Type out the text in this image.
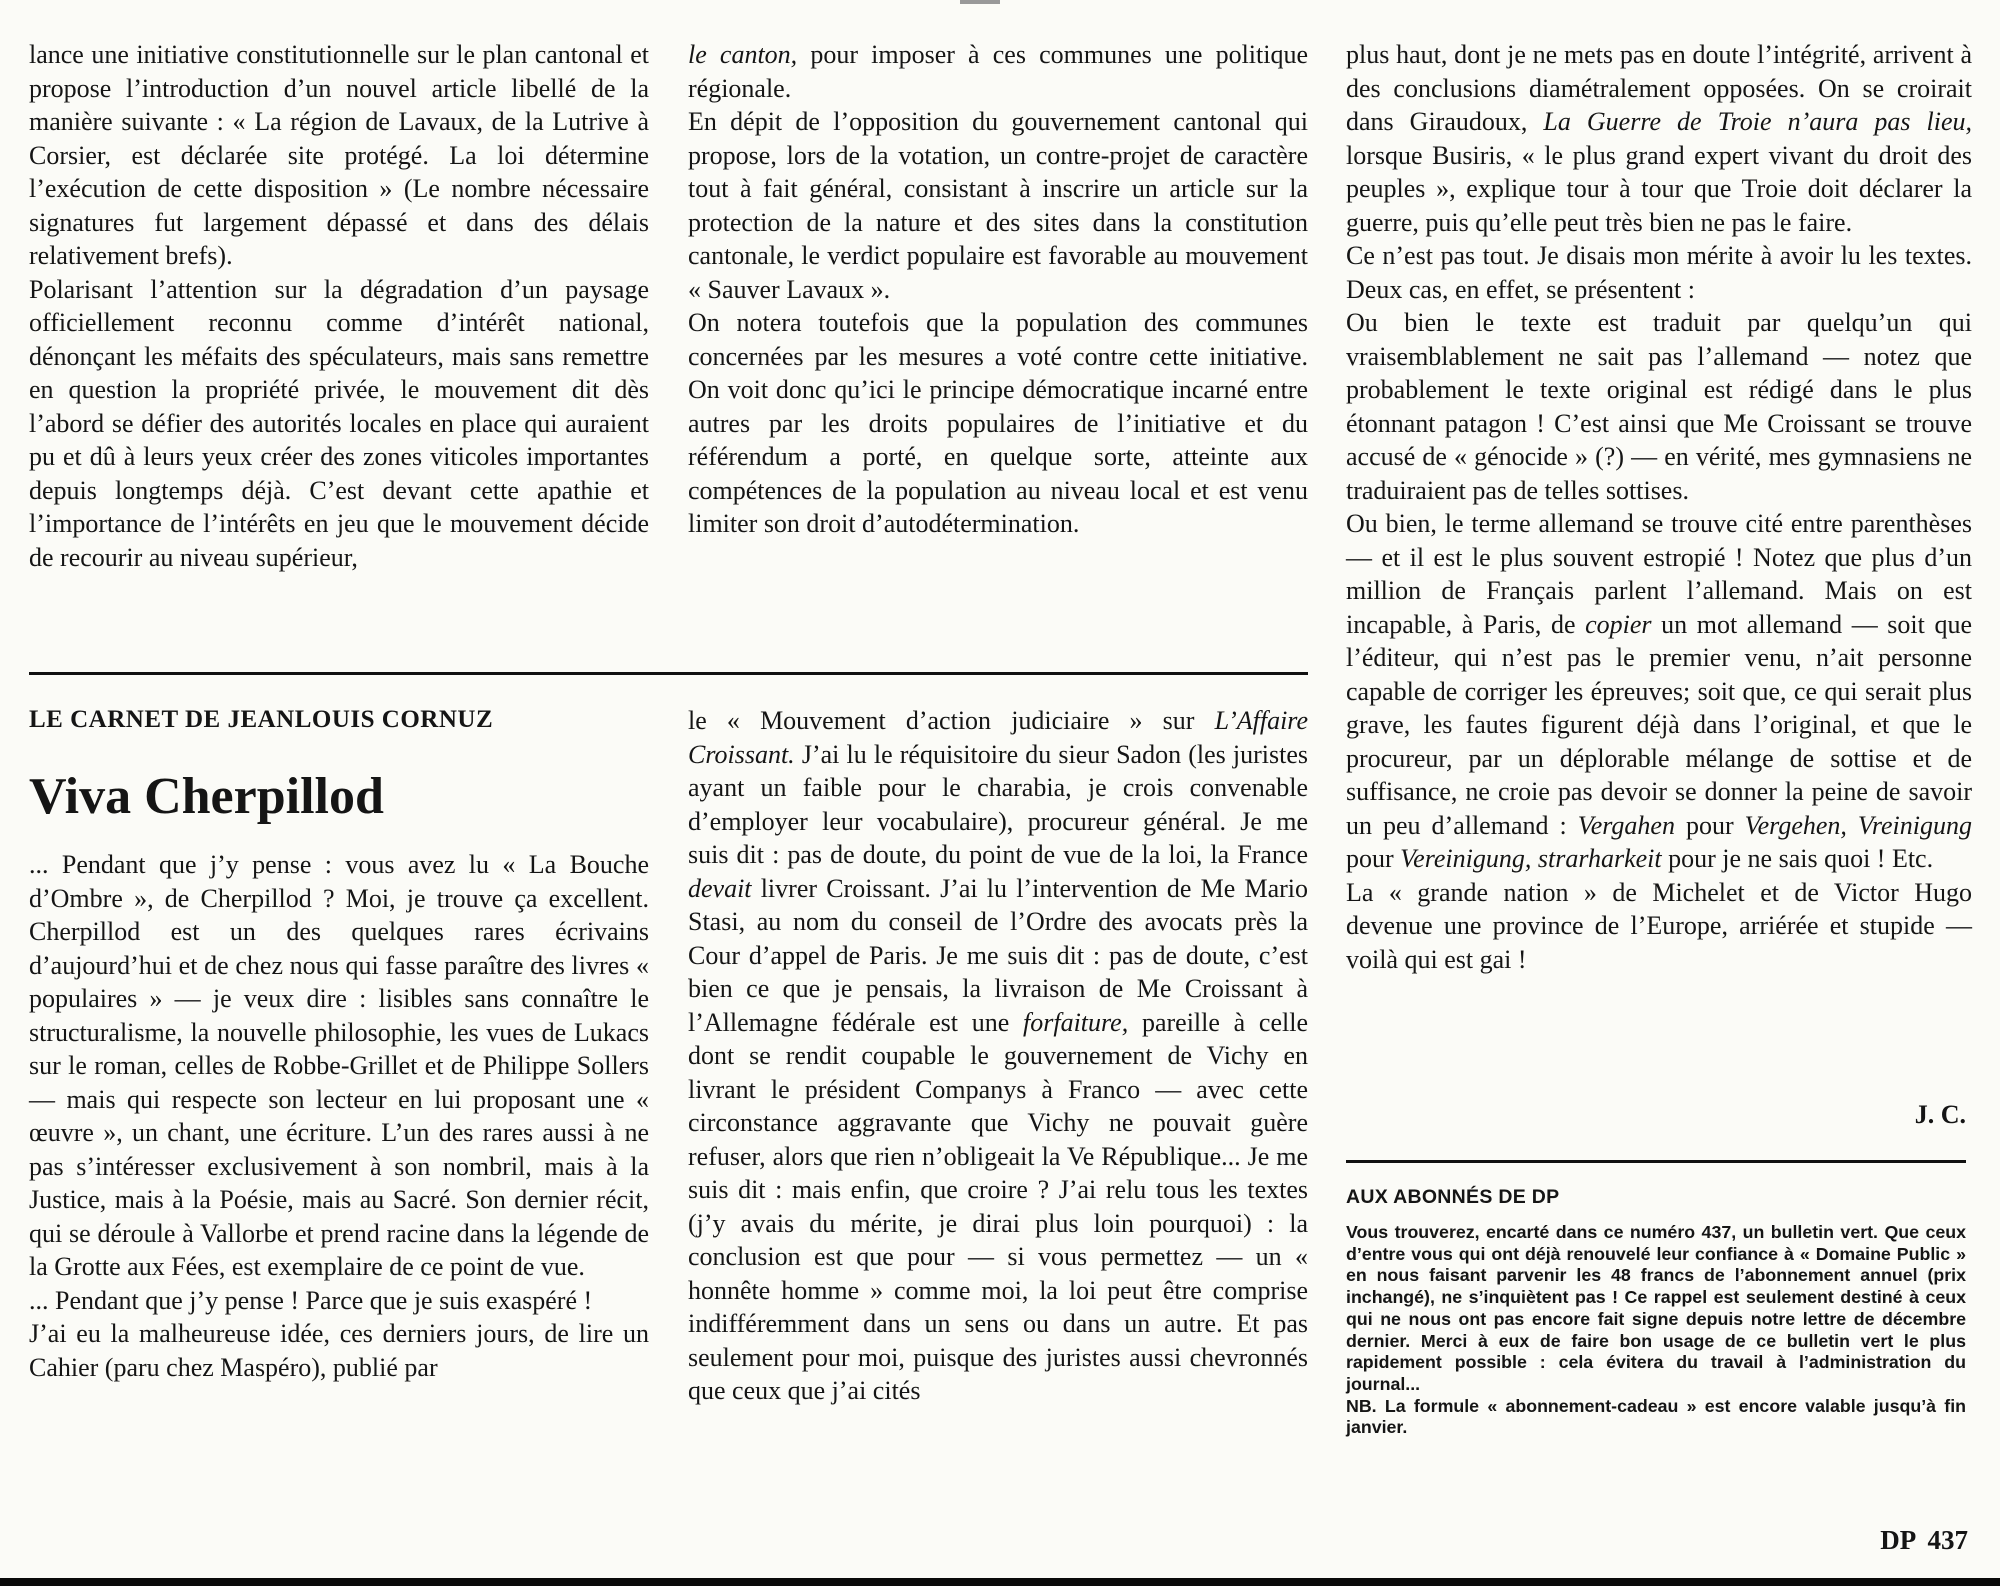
lance une initiative constitutionnelle sur le plan cantonal et propose l’introduction d’un nouvel article libellé de la manière suivante : « La région de Lavaux, de la Lutrive à Corsier, est déclarée site protégé. La loi détermine l’exécution de cette disposition » (Le nombre nécessaire signatures fut largement dépassé et dans des délais relativement brefs).

Polarisant l’attention sur la dégradation d’un paysage officiellement reconnu comme d’intérêt national, dénonçant les méfaits des spéculateurs, mais sans remettre en question la propriété privée, le mouvement dit dès l’abord se défier des autorités locales en place qui auraient pu et dû à leurs yeux créer des zones viticoles importantes depuis longtemps déjà. C’est devant cette apathie et l’importance de l’intérêts en jeu que le mouvement décide de recourir au niveau supérieur,

le canton, pour imposer à ces communes une politique régionale.

En dépit de l’opposition du gouvernement cantonal qui propose, lors de la votation, un contre-projet de caractère tout à fait général, consistant à inscrire un article sur la protection de la nature et des sites dans la constitution cantonale, le verdict populaire est favorable au mouvement « Sauver Lavaux ».

On notera toutefois que la population des communes concernées par les mesures a voté contre cette initiative. On voit donc qu’ici le principe démocratique incarné entre autres par les droits populaires de l’initiative et du référendum a porté, en quelque sorte, atteinte aux compétences de la population au niveau local et est venu limiter son droit d’autodétermination.

LE CARNET DE JEANLOUIS CORNUZ
Viva Cherpillod

... Pendant que j’y pense : vous avez lu « La Bouche d’Ombre », de Cherpillod ? Moi, je trouve ça excellent. Cherpillod est un des quelques rares écrivains d’aujourd’hui et de chez nous qui fasse paraître des livres « populaires » — je veux dire : lisibles sans connaître le structuralisme, la nouvelle philosophie, les vues de Lukacs sur le roman, celles de Robbe-Grillet et de Philippe Sollers — mais qui respecte son lecteur en lui proposant une « œuvre », un chant, une écriture. L’un des rares aussi à ne pas s’intéresser exclusivement à son nombril, mais à la Justice, mais à la Poésie, mais au Sacré. Son dernier récit, qui se déroule à Vallorbe et prend racine dans la légende de la Grotte aux Fées, est exemplaire de ce point de vue.

... Pendant que j’y pense ! Parce que je suis exaspéré !

J’ai eu la malheureuse idée, ces derniers jours, de lire un Cahier (paru chez Maspéro), publié par

le « Mouvement d’action judiciaire » sur L’Affaire Croissant. J’ai lu le réquisitoire du sieur Sadon (les juristes ayant un faible pour le charabia, je crois convenable d’employer leur vocabulaire), procureur général. Je me suis dit : pas de doute, du point de vue de la loi, la France devait livrer Croissant. J’ai lu l’intervention de Me Mario Stasi, au nom du conseil de l’Ordre des avocats près la Cour d’appel de Paris. Je me suis dit : pas de doute, c’est bien ce que je pensais, la livraison de Me Croissant à l’Allemagne fédérale est une forfaiture, pareille à celle dont se rendit coupable le gouvernement de Vichy en livrant le président Companys à Franco — avec cette circonstance aggravante que Vichy ne pouvait guère refuser, alors que rien n’obligeait la Ve République... Je me suis dit : mais enfin, que croire ? J’ai relu tous les textes (j’y avais du mérite, je dirai plus loin pourquoi) : la conclusion est que pour — si vous permettez — un « honnête homme » comme moi, la loi peut être comprise indifféremment dans un sens ou dans un autre. Et pas seulement pour moi, puisque des juristes aussi chevronnés que ceux que j’ai cités

plus haut, dont je ne mets pas en doute l’intégrité, arrivent à des conclusions diamétralement opposées. On se croirait dans Giraudoux, La Guerre de Troie n’aura pas lieu, lorsque Busiris, « le plus grand expert vivant du droit des peuples », explique tour à tour que Troie doit déclarer la guerre, puis qu’elle peut très bien ne pas le faire.

Ce n’est pas tout. Je disais mon mérite à avoir lu les textes. Deux cas, en effet, se présentent :

Ou bien le texte est traduit par quelqu’un qui vraisemblablement ne sait pas l’allemand — notez que probablement le texte original est rédigé dans le plus étonnant patagon ! C’est ainsi que Me Croissant se trouve accusé de « génocide » (?) — en vérité, mes gymnasiens ne traduiraient pas de telles sottises.

Ou bien, le terme allemand se trouve cité entre parenthèses — et il est le plus souvent estropié ! Notez que plus d’un million de Français parlent l’allemand. Mais on est incapable, à Paris, de copier un mot allemand — soit que l’éditeur, qui n’est pas le premier venu, n’ait personne capable de corriger les épreuves; soit que, ce qui serait plus grave, les fautes figurent déjà dans l’original, et que le procureur, par un déplorable mélange de sottise et de suffisance, ne croie pas devoir se donner la peine de savoir un peu d’allemand : Vergahen pour Vergehen, Vreinigung pour Vereinigung, strarharkeit pour je ne sais quoi ! Etc.

La « grande nation » de Michelet et de Victor Hugo devenue une province de l’Europe, arriérée et stupide — voilà qui est gai !

J. C.
AUX ABONNÉS DE DP

Vous trouverez, encarté dans ce numéro 437, un bulletin vert. Que ceux d’entre vous qui ont déjà renouvelé leur confiance à « Domaine Public » en nous faisant parvenir les 48 francs de l’abonnement annuel (prix inchangé), ne s’inquiètent pas ! Ce rappel est seulement destiné à ceux qui ne nous ont pas encore fait signe depuis notre lettre de décembre dernier. Merci à eux de faire bon usage de ce bulletin vert le plus rapidement possible : cela évitera du travail à l’administration du journal...

NB. La formule « abonnement-cadeau » est encore valable jusqu’à fin janvier.

DP 437
